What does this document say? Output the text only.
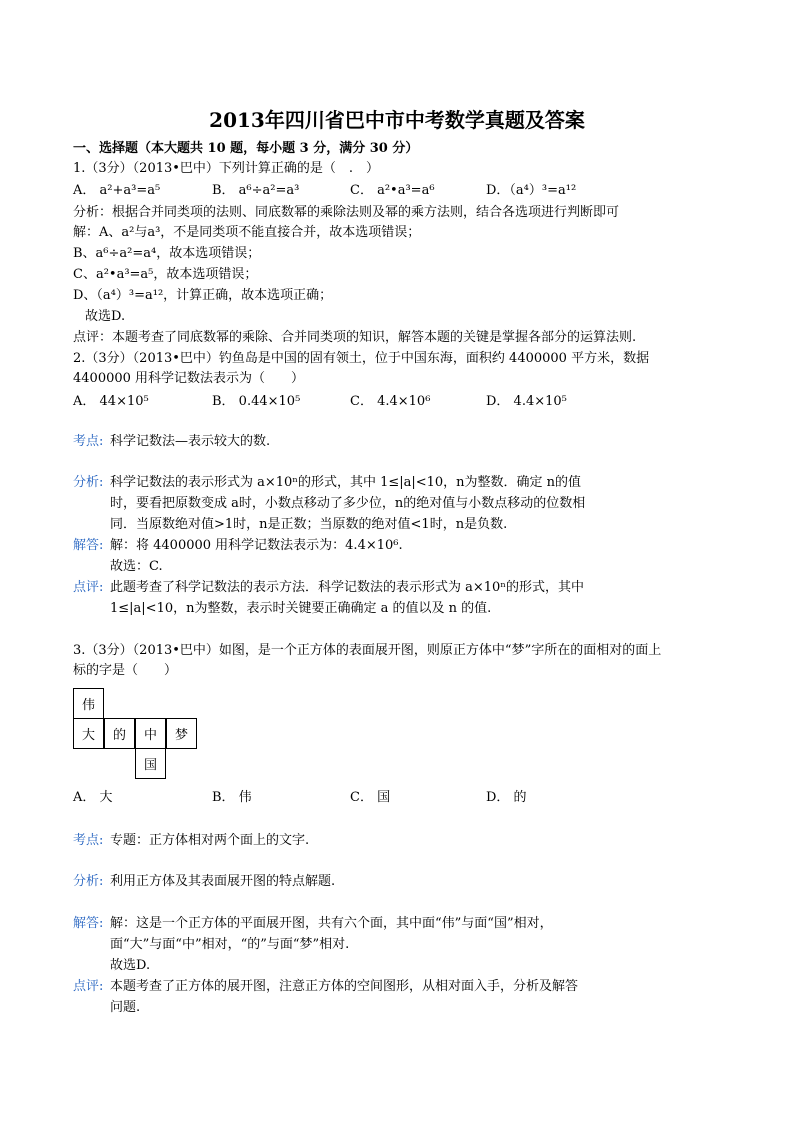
2013年四川省巴中市中考数学真题及答案
一、选择题（本大题共 10 题，每小题 3 分，满分 30 分）
1.（3分）（2013•巴中）下列计算正确的是（　.　）
A． a²+a³=a⁵	B． a⁶÷a²=a³	C． a²•a³=a⁶	D．（a⁴）³=a¹²
分析：根据合并同类项的法则、同底数幂的乘除法则及幂的乘方法则，结合各选项进行判断即可
解：A、a²与a³，不是同类项不能直接合并，故本选项错误；
B、a⁶÷a²=a⁴，故本选项错误；
C、a²•a³=a⁵，故本选项错误；
D、（a⁴）³=a¹²，计算正确，故本选项正确；
故选D.
点评：本题考查了同底数幂的乘除、合并同类项的知识，解答本题的关键是掌握各部分的运算法则.
2.（3分）（2013•巴中）钓鱼岛是中国的固有领土，位于中国东海，面积约 4400000 平方米，数据
4400000 用科学记数法表示为（　　）
A． 44×10⁵	B． 0.44×10⁵	C． 4.4×10⁶	D． 4.4×10⁵
考点: 科学记数法—表示较大的数.
分析: 科学记数法的表示形式为 a×10ⁿ的形式，其中 1≤|a|<10，n为整数．确定 n的值
时，要看把原数变成 a时，小数点移动了多少位，n的绝对值与小数点移动的位数相
同．当原数绝对值>1时，n是正数；当原数的绝对值<1时，n是负数.
解答: 解：将 4400000 用科学记数法表示为：4.4×10⁶.
故选：C.
点评: 此题考查了科学记数法的表示方法．科学记数法的表示形式为 a×10ⁿ的形式，其中
1≤|a|<10，n为整数，表示时关键要正确确定 a 的值以及 n 的值.
3.（3分）（2013•巴中）如图，是一个正方体的表面展开图，则原正方体中“梦”字所在的面相对的面上
标的字是（　　）
伟
大	的	中	梦
国
A． 大	B． 伟	C． 国	D． 的
考点: 专题：正方体相对两个面上的文字.
分析: 利用正方体及其表面展开图的特点解题.
解答: 解：这是一个正方体的平面展开图，共有六个面，其中面“伟”与面“国”相对，
面“大”与面“中”相对，“的”与面“梦”相对.
故选D.
点评: 本题考查了正方体的展开图，注意正方体的空间图形，从相对面入手，分析及解答
问题.
